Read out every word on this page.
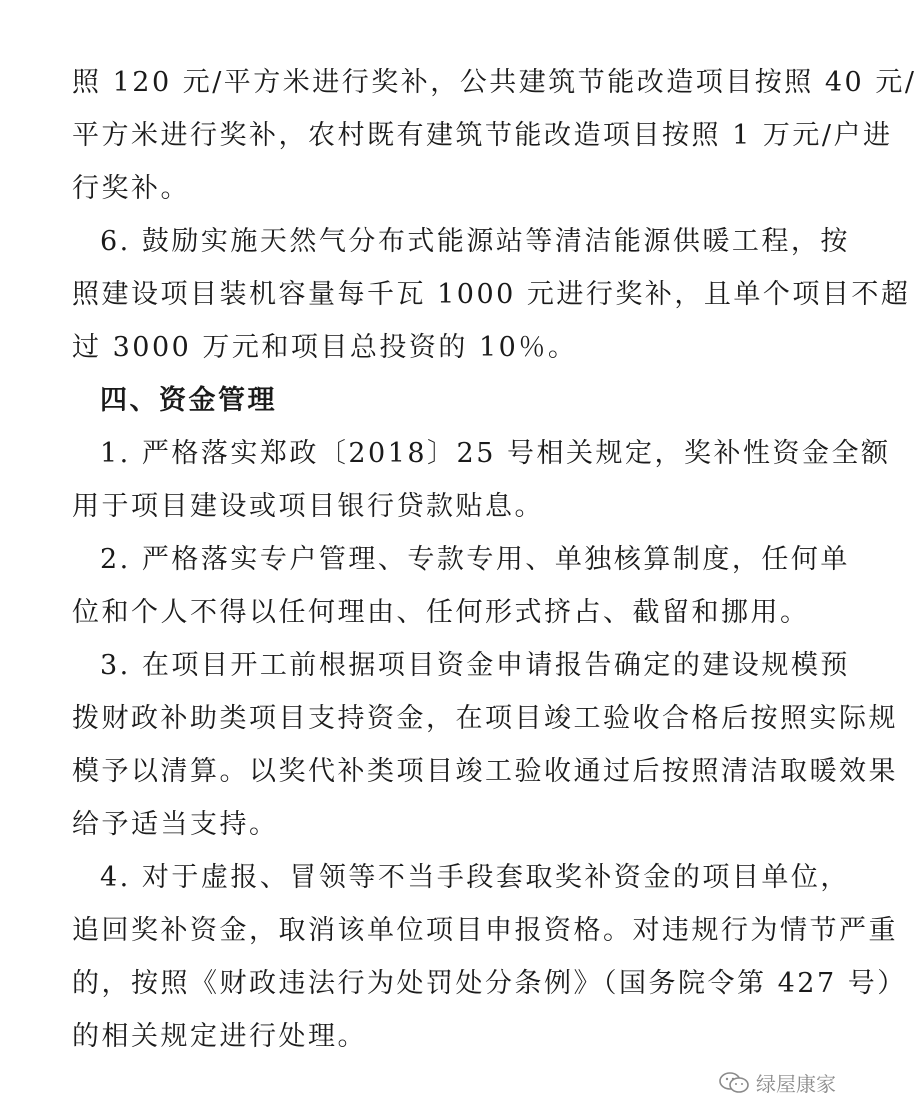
照 120 元/平方米进行奖补，公共建筑节能改造项目按照 40 元/
平方米进行奖补，农村既有建筑节能改造项目按照 1 万元/户进
行奖补。
6. 鼓励实施天然气分布式能源站等清洁能源供暖工程，按
照建设项目装机容量每千瓦 1000 元进行奖补，且单个项目不超
过 3000 万元和项目总投资的 10％。
四、资金管理
1. 严格落实郑政〔2018〕25 号相关规定，奖补性资金全额
用于项目建设或项目银行贷款贴息。
2. 严格落实专户管理、专款专用、单独核算制度，任何单
位和个人不得以任何理由、任何形式挤占、截留和挪用。
3. 在项目开工前根据项目资金申请报告确定的建设规模预
拨财政补助类项目支持资金，在项目竣工验收合格后按照实际规
模予以清算。以奖代补类项目竣工验收通过后按照清洁取暖效果
给予适当支持。
4. 对于虚报、冒领等不当手段套取奖补资金的项目单位，
追回奖补资金，取消该单位项目申报资格。对违规行为情节严重
的，按照《财政违法行为处罚处分条例》（国务院令第 427 号）
的相关规定进行处理。
绿屋康家
